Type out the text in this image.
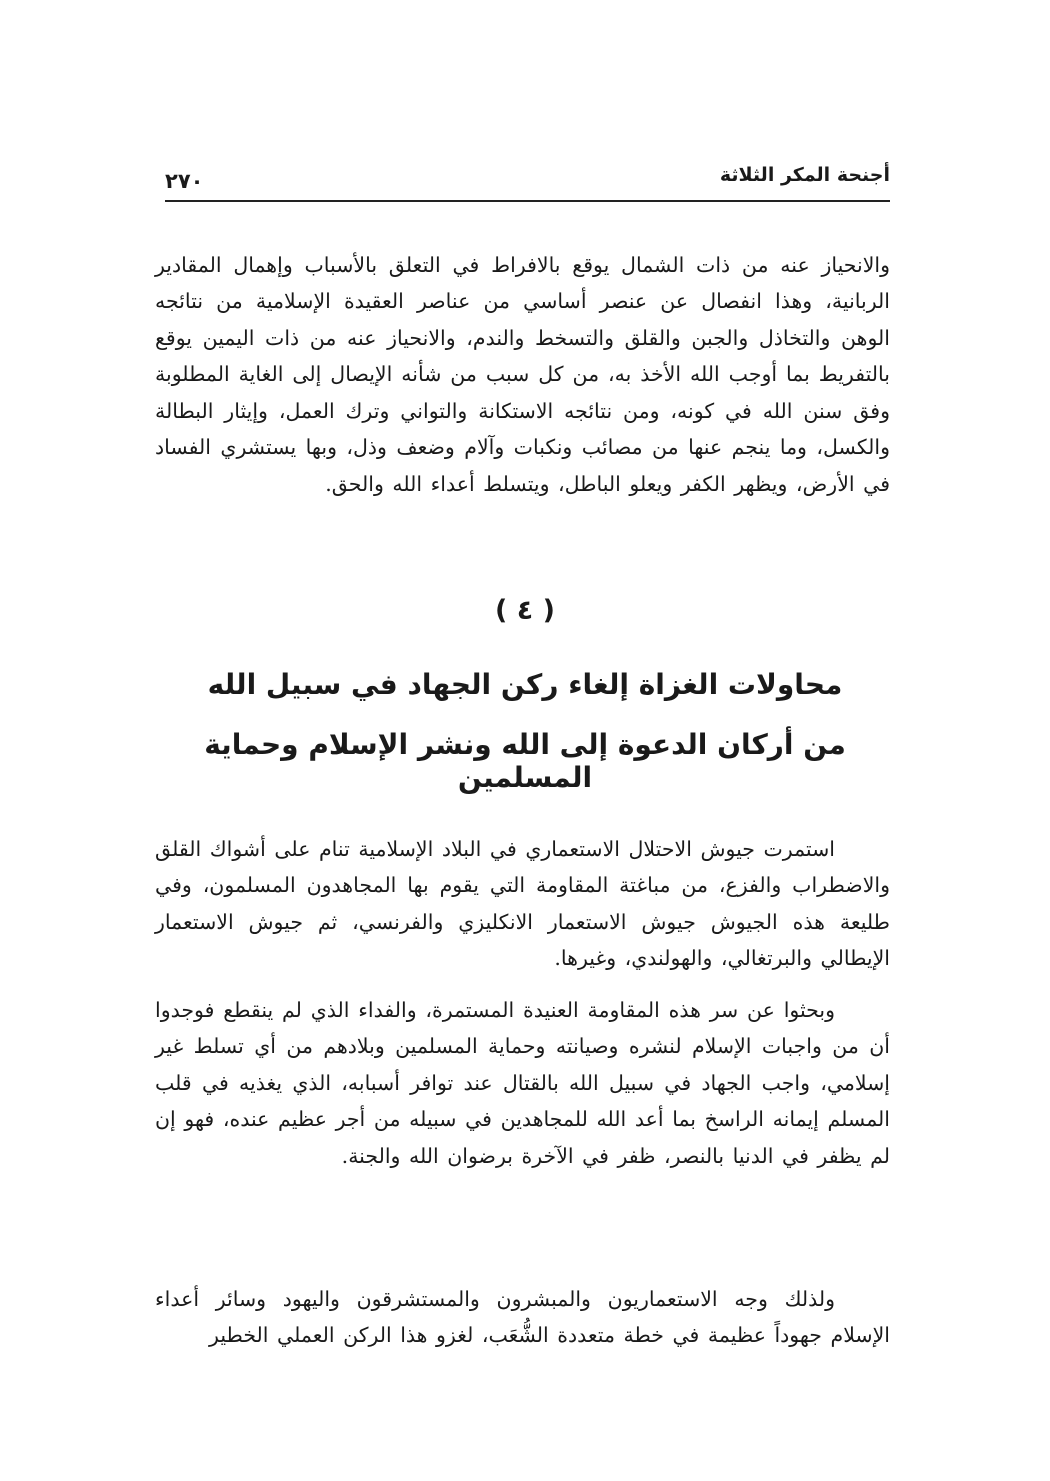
أجنحة المكر الثلاثة
٢٧٠

والانحياز عنه من ذات الشمال يوقع بالافراط في التعلق بالأسباب وإهمال المقادير الربانية، وهذا انفصال عن عنصر أساسي من عناصر العقيدة الإسلامية من نتائجه الوهن والتخاذل والجبن والقلق والتسخط والندم، والانحياز عنه من ذات اليمين يوقع بالتفريط بما أوجب الله الأخذ به، من كل سبب من شأنه الإيصال إلى الغاية المطلوبة وفق سنن الله في كونه، ومن نتائجه الاستكانة والتواني وترك العمل، وإيثار البطالة والكسل، وما ينجم عنها من مصائب ونكبات وآلام وضعف وذل، وبها يستشري الفساد في الأرض، ويظهر الكفر ويعلو الباطل، ويتسلط أعداء الله والحق.

( ٤ )
محاولات الغزاة إلغاء ركن الجهاد في سبيل الله
من أركان الدعوة إلى الله ونشر الإسلام وحماية المسلمين

استمرت جيوش الاحتلال الاستعماري في البلاد الإسلامية تنام على أشواك القلق والاضطراب والفزع، من مباغتة المقاومة التي يقوم بها المجاهدون المسلمون، وفي طليعة هذه الجيوش جيوش الاستعمار الانكليزي والفرنسي، ثم جيوش الاستعمار الإيطالي والبرتغالي، والهولندي، وغيرها.

وبحثوا عن سر هذه المقاومة العنيدة المستمرة، والفداء الذي لم ينقطع فوجدوا أن من واجبات الإسلام لنشره وصيانته وحماية المسلمين وبلادهم من أي تسلط غير إسلامي، واجب الجهاد في سبيل الله بالقتال عند توافر أسبابه، الذي يغذيه في قلب المسلم إيمانه الراسخ بما أعد الله للمجاهدين في سبيله من أجر عظيم عنده، فهو إن لم يظفر في الدنيا بالنصر، ظفر في الآخرة برضوان الله والجنة.

ولذلك وجه الاستعماريون والمبشرون والمستشرقون واليهود وسائر أعداء الإسلام جهوداً عظيمة في خطة متعددة الشُّعَب، لغزو هذا الركن العملي الخطير
